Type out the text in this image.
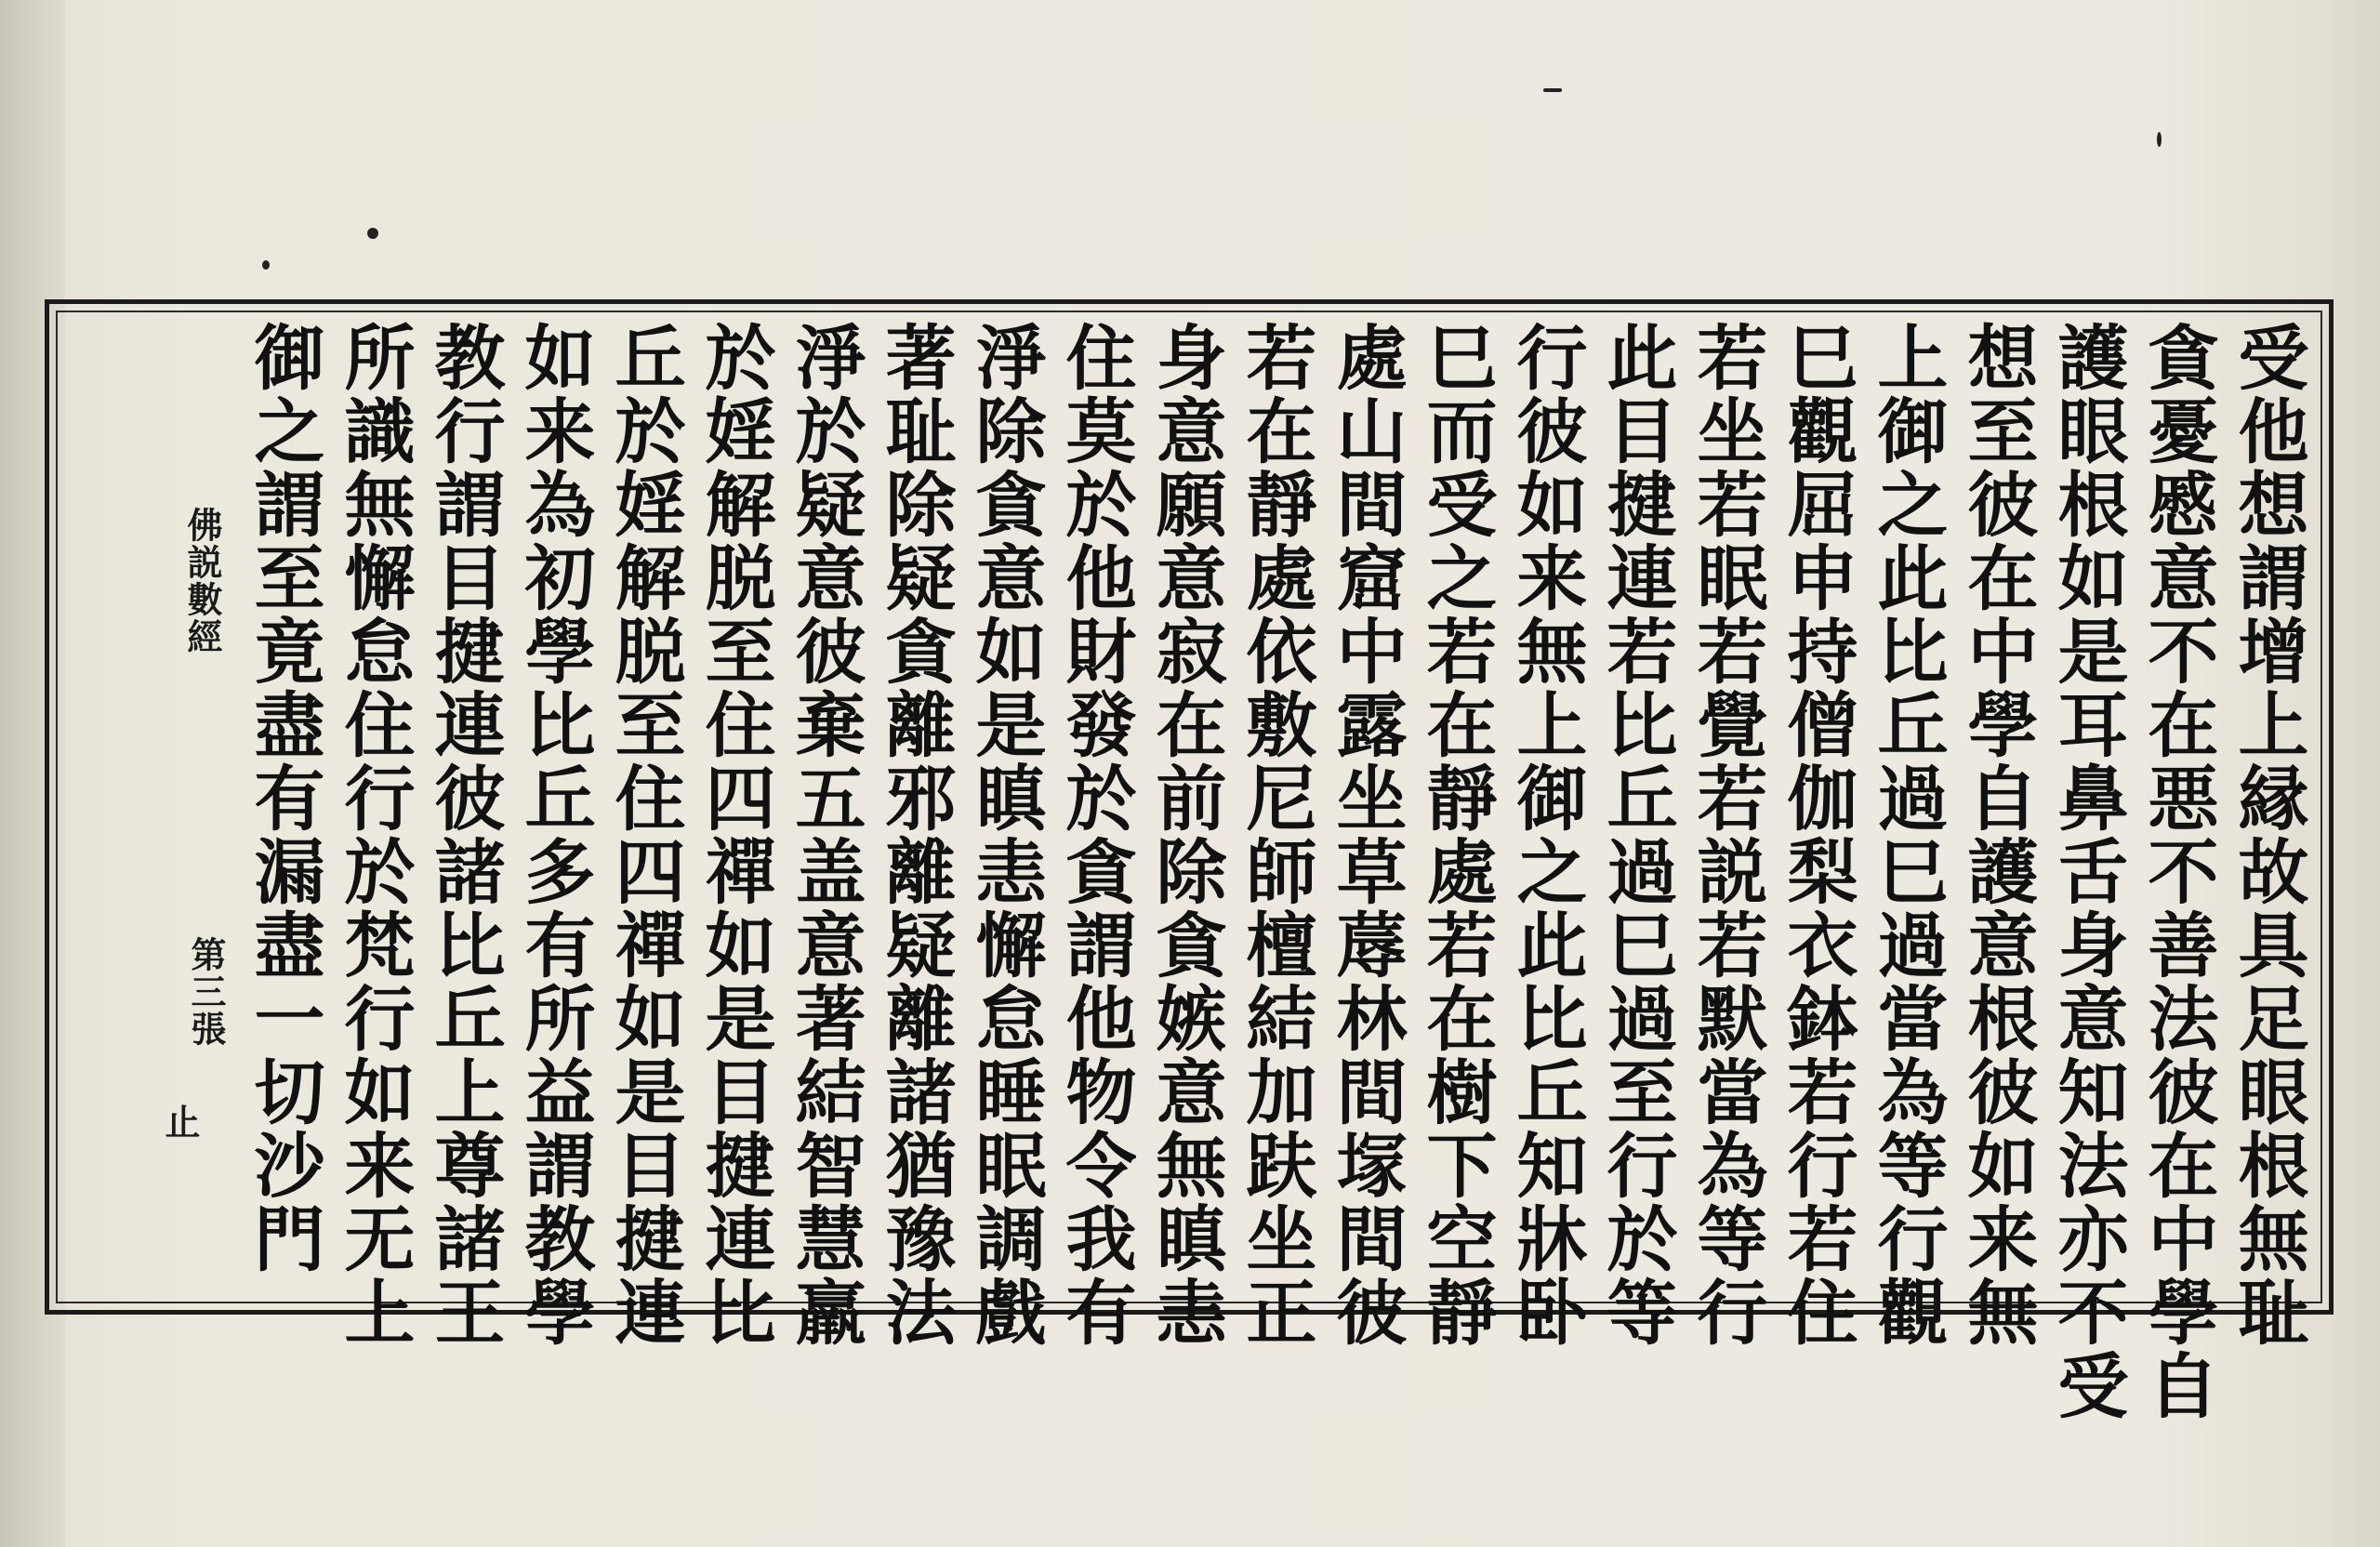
受他想謂增上縁故具足眼根無耻
貪憂慼意不在悪不善法彼在中學自
護眼根如是耳鼻舌身意知法亦不受
想至彼在中學自護意根彼如来無
上御之此比丘過巳過當為等行觀
巳觀屈申持僧伽梨衣鉢若行若住
若坐若眠若覺若説若默當為等行
此目揵連若比丘過巳過至行於等
行彼如来無上御之此比丘知牀卧
巳而受之若在靜處若在樹下空靜
處山間窟中露坐草蓐林間塜間彼
若在靜處依敷尼師檀結加趺坐正
身意願意寂在前除貪嫉意無瞋恚
住莫於他財發於貪謂他物令我有
淨除貪意如是瞋恚懈怠睡眠調戲
著耻除疑貪離邪離疑離諸猶豫法
淨於疑意彼棄五盖意著結智慧羸
於婬解脱至住四禪如是目揵連比
丘於婬解脱至住四禪如是目揵連
如来為初學比丘多有所益謂教學
教行謂目揵連彼諸比丘上尊諸王
所識無懈怠住行於梵行如来无上
御之謂至竟盡有漏盡一切沙門
佛説數經
第三張
止
